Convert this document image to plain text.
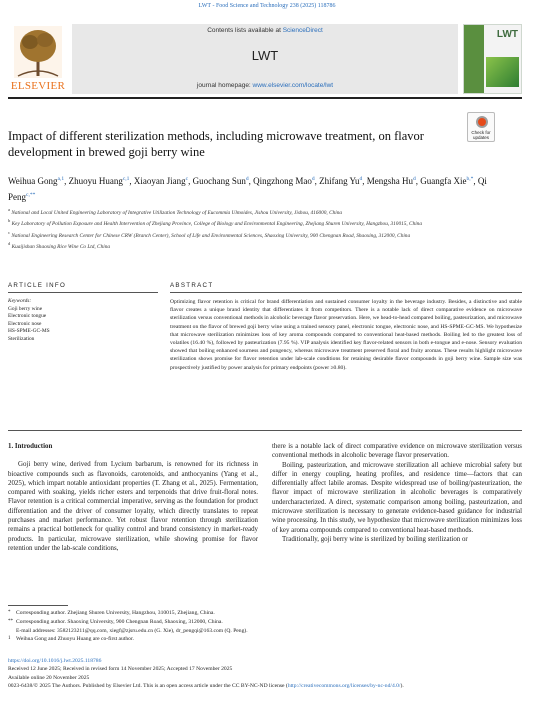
LWT - Food Science and Technology 238 (2025) 118786
ELSEVIER
Contents lists available at ScienceDirect
LWT
journal homepage: www.elsevier.com/locate/lwt
LWT
Check for updates
Impact of different sterilization methods, including microwave treatment, on flavor development in brewed goji berry wine
Weihua Gong$^{a,1}$, Zhuoyu Huang$^{c,1}$, Xiaoyan Jiang$^c$, Guochang Sun$^d$, Qingzhong Mao$^d$, Zhifang Yu$^d$, Mengsha Hu$^d$, Guangfa Xie$^{b,*}$, Qi Peng$^{c,**}$
$^a$ National and Local United Engineering Laboratory of Integrative Utilization Technology of Eucommia Ulmoides, Jishou University, Jishou, 416000, China
$^b$ Key Laboratory of Pollution Exposure and Health Intervention of Zhejiang Province, College of Biology and Environmental Engineering, Zhejiang Shuren University, Hangzhou, 310015, China
$^c$ National Engineering Research Center for Chinese CRW (Branch Center), School of Life and Environmental Sciences, Shaoxing University, 900 Chengnan Road, Shaoxing, 312000, China
$^d$ Kuaijishan Shaoxing Rice Wine Co Ltd, China
ARTICLE INFO	ABSTRACT
Keywords:
Goji berry wine
Electronic tongue
Electronic nose
HS-SPME-GC-MS
Sterilization
Optimizing flavor retention is critical for brand differentiation and sustained consumer loyalty in the beverage industry. Besides, a distinctive and stable flavor creates a unique brand identity that differentiates it from competitors. There is a notable lack of direct comparative evidence on microwave sterilization versus conventional methods in alcoholic beverage flavor preservation. Here, we head-to-head compared boiling, pasteurization, and microwave treatment on the flavor of brewed goji berry wine using a trained sensory panel, electronic tongue, electronic nose, and HS-SPME-GC-MS. We hypothesize that microwave sterilization minimizes loss of key aroma compounds compared to conventional heat-based methods. Boiling led to the greatest loss of volatiles (16.40 %), followed by pasteurization (7.95 %). VIP analysis identified key flavor-related sensors in both e-tongue and e-nose. Sensory evaluation showed that boiling enhanced sourness and pungency, whereas microwave treatment preserved floral and fruity aromas. These results highlight microwave sterilization shows promise for flavor retention under lab-scale conditions for retaining desirable flavor compounds in goji berry wine. Sample size was prospectively justified by power analysis for primary endpoints (power ≥0.80).
1. Introduction

Goji berry wine, derived from Lycium barbarum, is renowned for its richness in bioactive compounds such as flavonoids, carotenoids, and anthocyanins (Yang et al., 2025), which impart notable antioxidant properties (T. Zhang et al., 2025). Fermentation, compared with soaking, yields richer esters and terpenoids that drive fruit-floral notes. Flavor retention is a critical commercial imperative, serving as the foundation for product differentiation and the driver of consumer loyalty, which directly translates to repeat purchases and market performance. Yet robust flavor retention through sterilization remains a practical bottleneck for quality control and brand consistency in market-ready products. In particular, microwave sterilization, while showing promise for flavor retention under the lab-scale conditions,

there is a notable lack of direct comparative evidence on microwave sterilization versus conventional methods in alcoholic beverage flavor preservation.

Boiling, pasteurization, and microwave sterilization all achieve microbial safety but differ in energy coupling, heating profiles, and residence time—factors that can differentially affect labile aromas. Despite widespread use of boiling/pasteurization, the flavor impact of microwave sterilization in alcoholic beverages is comparatively undercharacterized. A direct, systematic comparison among boiling, pasteurization, and microwave sterilization is necessary to generate evidence-based guidance for industrial wine processing. In this study, we hypothesize that microwave sterilization minimizes loss of key aroma compounds compared to conventional heat-based methods.

Traditionally, goji berry wine is sterilized by boiling sterilization or

* Corresponding author. Zhejiang Shuren University, Hangzhou, 310015, Zhejiang, China.
** Corresponding author. Shaoxing University, 900 Chengnan Road, Shaoxing, 312000, China.
E-mail addresses: 3582123211@qq.com, xiegf@zjsru.edu.cn (G. Xie), dr_pengqi@163.com (Q. Peng).
1 Weihua Gong and Zhuoyu Huang are co-first author.
https://doi.org/10.1016/j.lwt.2025.118786
Received 12 June 2025; Received in revised form 14 November 2025; Accepted 17 November 2025
Available online 20 November 2025
0023-6438/© 2025 The Authors. Published by Elsevier Ltd. This is an open access article under the CC BY-NC-ND license (http://creativecommons.org/licenses/by-nc-nd/4.0/).
